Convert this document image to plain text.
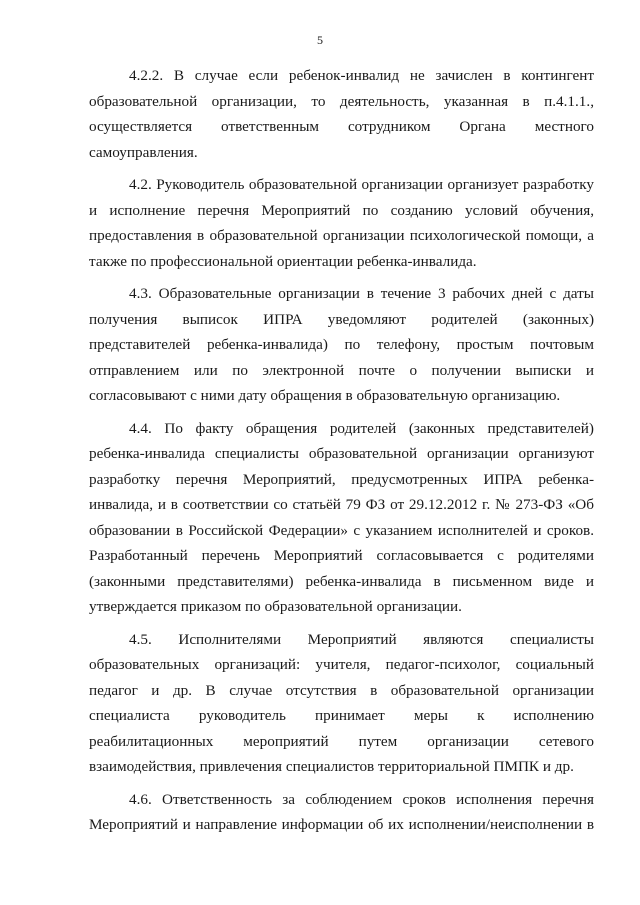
5
4.2.2. В случае если ребенок-инвалид не зачислен в контингент
образовательной организации, то деятельность, указанная в п.4.1.1.,
осуществляется ответственным сотрудником Органа местного
самоуправления.
4.2. Руководитель образовательной организации организует разработку
и исполнение перечня Мероприятий по созданию условий обучения,
предоставления в образовательной организации психологической помощи, а
также по профессиональной ориентации ребенка-инвалида.
4.3. Образовательные организации в течение 3 рабочих дней с даты
получения выписок ИПРА уведомляют родителей (законных)
представителей ребенка-инвалида) по телефону, простым почтовым
отправлением или по электронной почте о получении выписки и
согласовывают с ними дату обращения в образовательную организацию.
4.4. По факту обращения родителей (законных представителей)
ребенка-инвалида специалисты образовательной организации организуют
разработку перечня Мероприятий, предусмотренных ИПРА ребенка-
инвалида, и в соответствии со статьёй 79 ФЗ от 29.12.2012 г. № 273-ФЗ «Об
образовании в Российской Федерации» с указанием исполнителей и сроков.
Разработанный перечень Мероприятий согласовывается с родителями
(законными представителями) ребенка-инвалида в письменном виде и
утверждается приказом по образовательной организации.
4.5. Исполнителями Мероприятий являются специалисты
образовательных организаций: учителя, педагог-психолог, социальный
педагог и др. В случае отсутствия в образовательной организации
специалиста руководитель принимает меры к исполнению
реабилитационных мероприятий путем организации сетевого
взаимодействия, привлечения специалистов территориальной ПМПК и др.
4.6. Ответственность за соблюдением сроков исполнения перечня
Мероприятий и направление информации об их исполнении/неисполнении в
